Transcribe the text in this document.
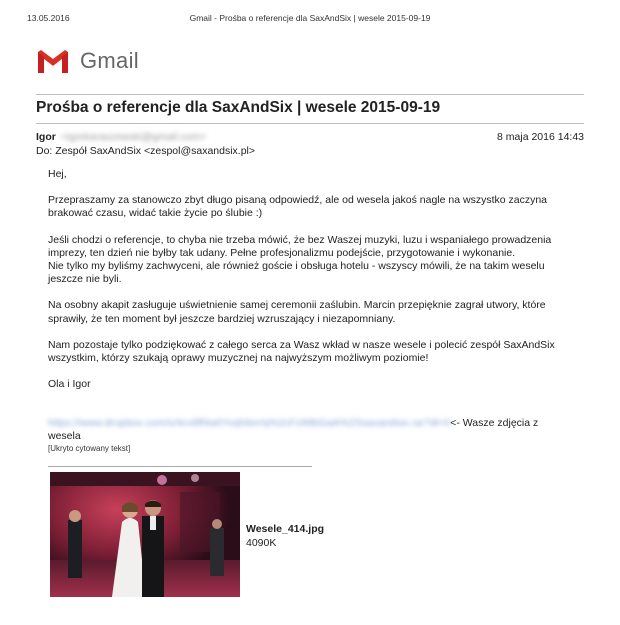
13.05.2016	Gmail - Prośba o referencje dla SaxAndSix | wesele 2015-09-19
Gmail
Prośba o referencje dla SaxAndSix | wesele 2015-09-19
Igor <igorkaraszewski@gmail.com>	8 maja 2016 14:43
Do: Zespół SaxAndSix <zespol@saxandsix.pl>

Hej,

Przepraszamy za stanowczo zbyt długo pisaną odpowiedź, ale od wesela jakoś nagle na wszystko zaczyna brakować czasu, widać takie życie po ślubie :)

Jeśli chodzi o referencje, to chyba nie trzeba mówić, że bez Waszej muzyki, luzu i wspaniałego prowadzenia imprezy, ten dzień nie byłby tak udany. Pełne profesjonalizmu podejście, przygotowanie i wykonanie.
Nie tylko my byliśmy zachwyceni, ale również goście i obsługa hotelu - wszyscy mówili, że na takim weselu jeszcze nie byli.

Na osobny akapit zasługuje uświetnienie samej ceremonii zaślubin. Marcin przepięknie zagrał utwory, które sprawiły, że ten moment był jeszcze bardziej wzruszający i niezapomniany.

Nam pozostaje tylko podziękować z całego serca za Wasz wkład w nasze wesele i polecić zespół SaxAndSix wszystkim, którzy szukają oprawy muzycznej na najwyższym możliwym poziomie!

Ola i Igor

https://www.dropbox.com/s/4cv8ff4a6Yvqh6er/q%2cFzIMbGaA%2Ssaxandsix.rar?dl=0<- Wasze zdjęcia z wesela
[Ukryto cytowany tekst]
Wesele_414.jpg
4090K
